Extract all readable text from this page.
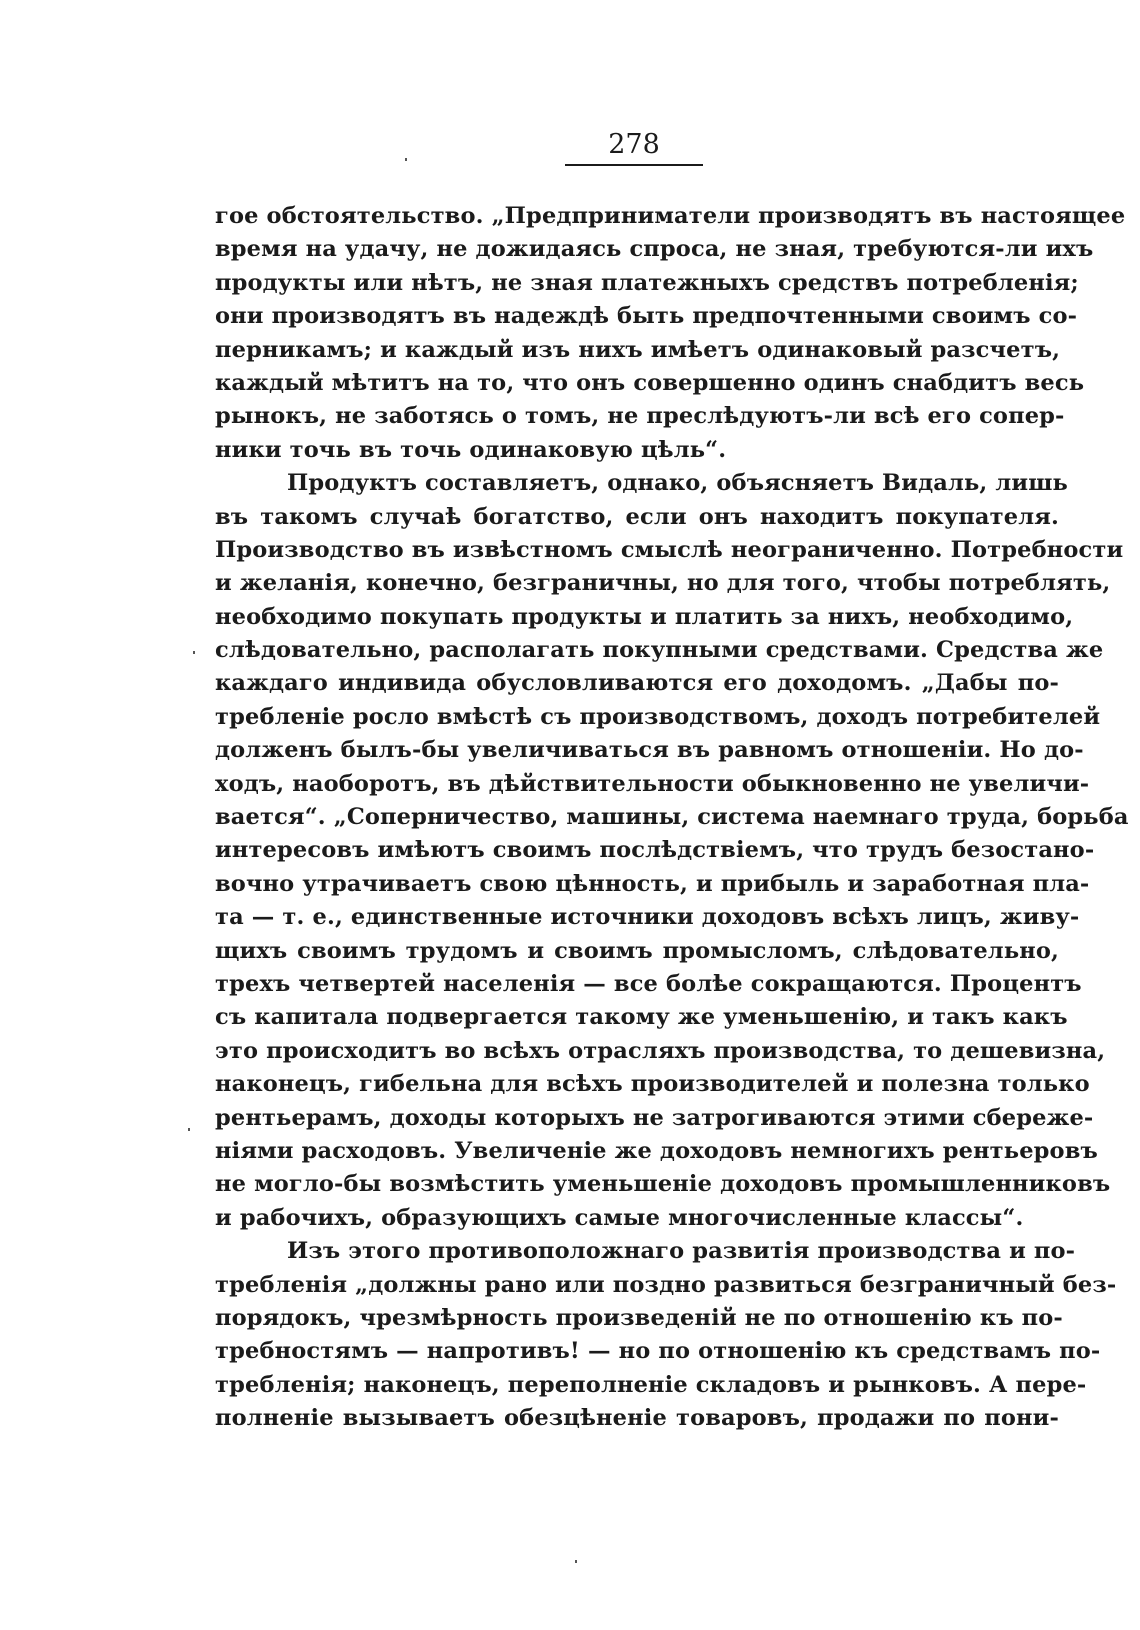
278
гое обстоятельство. „Предприниматели производятъ въ настоящее
время на удачу, не дожидаясь спроса, не зная, требуются-ли ихъ
продукты или нѣтъ, не зная платежныхъ средствъ потребленія;
они производятъ въ надеждѣ быть предпочтенными своимъ со-
перникамъ; и каждый изъ нихъ имѣетъ одинаковый разсчетъ,
каждый мѣтитъ на то, что онъ совершенно одинъ снабдитъ весь
рынокъ, не заботясь о томъ, не преслѣдуютъ-ли всѣ его сопер-
ники точь въ точь одинаковую цѣль“.
Продуктъ составляетъ, однако, объясняетъ Видаль, лишь
въ такомъ случаѣ богатство, если онъ находитъ покупателя.
Производство въ извѣстномъ смыслѣ неограниченно. Потребности
и желанія, конечно, безграничны, но для того, чтобы потреблять,
необходимо покупать продукты и платить за нихъ, необходимо,
слѣдовательно, располагать покупными средствами. Средства же
каждаго индивида обусловливаются его доходомъ. „Дабы по-
требленіе росло вмѣстѣ съ производствомъ, доходъ потребителей
долженъ былъ-бы увеличиваться въ равномъ отношеніи. Но до-
ходъ, наоборотъ, въ дѣйствительности обыкновенно не увеличи-
вается“. „Соперничество, машины, система наемнаго труда, борьба
интересовъ имѣютъ своимъ послѣдствіемъ, что трудъ безостано-
вочно утрачиваетъ свою цѣнность, и прибыль и заработная пла-
та — т. е., единственные источники доходовъ всѣхъ лицъ, живу-
щихъ своимъ трудомъ и своимъ промысломъ, слѣдовательно,
трехъ четвертей населенія — все болѣе сокращаются. Процентъ
съ капитала подвергается такому же уменьшенію, и такъ какъ
это происходитъ во всѣхъ отрасляхъ производства, то дешевизна,
наконецъ, гибельна для всѣхъ производителей и полезна только
рентьерамъ, доходы которыхъ не затрогиваются этими сбереже-
ніями расходовъ. Увеличеніе же доходовъ немногихъ рентьеровъ
не могло-бы возмѣстить уменьшеніе доходовъ промышленниковъ
и рабочихъ, образующихъ самые многочисленные классы“.
Изъ этого противоположнаго развитія производства и по-
требленія „должны рано или поздно развиться безграничный без-
порядокъ, чрезмѣрность произведеній не по отношенію къ по-
требностямъ — напротивъ! — но по отношенію къ средствамъ по-
требленія; наконецъ, переполненіе складовъ и рынковъ. А пере-
полненіе вызываетъ обезцѣненіе товаровъ, продажи по пони-
